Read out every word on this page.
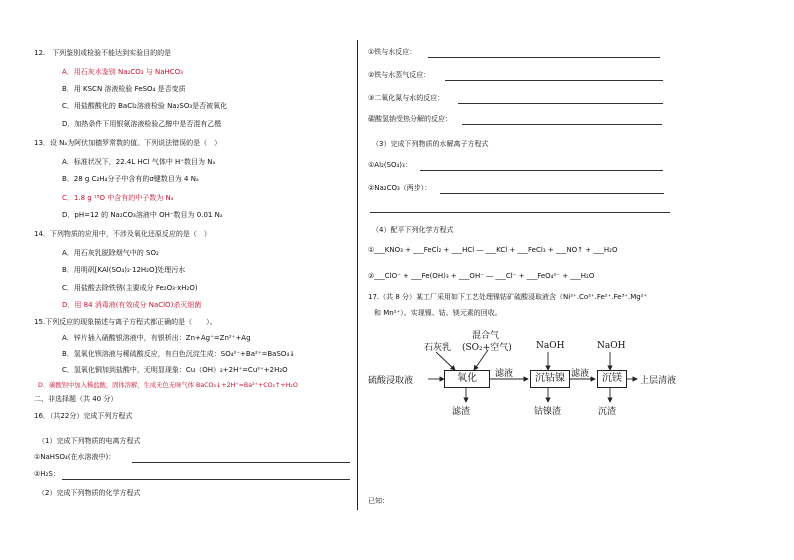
12.　下列鉴别或检验不能达到实验目的的是
A．用石灰水鉴别 Na₂CO₃ 与 NaHCO₃
B．用 KSCN 溶液检验 FeSO₄ 是否变质
C．用盐酸酸化的 BaCl₂溶液检验 Na₂SO₃是否被氧化
D．加热条件下用银氨溶液检验乙醇中是否混有乙醛
13．设 Nₐ为阿伏加德罗常数的值。下列说法错误的是（　）
A．标准状况下，22.4L HCl 气体中 H⁺数目为 Nₐ
B．28 g C₂H₄分子中含有的σ键数目为 4 Nₐ
C．1.8 g ¹⁸O 中含有的中子数为 Nₐ
D．pH=12 的 Na₂CO₃溶液中 OH⁻数目为 0.01 Nₐ
14．下列物质的应用中，不涉及氧化还原反应的是（　）
A．用石灰乳脱除烟气中的 SO₂
B．用明矾[KAl(SO₄)₂·12H₂O]处理污水
C．用盐酸去除铁锈(主要成分 Fe₂O₃·xH₂O)
D．用 84 消毒液(有效成分 NaClO)杀灭细菌
15.下列反应的现象描述与离子方程式都正确的是（　　）。
A．锌片插入硝酸银溶液中，有银析出：Zn+Ag⁺=Zn²⁺+Ag
B．氢氧化钡溶液与稀硫酸反应，有白色沉淀生成：SO₄²⁻+Ba²⁺=BaSO₄↓
C．氢氧化铜加到盐酸中，无明显现象：Cu（OH）₂+2H⁺=Cu²⁺+2H₂O
D．碳酸钡中加入稀盐酸，固体溶解，生成无色无味气体 BaCO₃↓+2H⁺=Ba²⁺+CO₂↑+H₂O
二、非选择题（共 40 分）
16．（共22分）完成下列方程式
（1）完成下列物质的电离方程式
①NaHSO₄(在水溶液中)：
②H₂S：
（2）完成下列物质的化学方程式
①铁与水反应：
②铁与水蒸气反应：
③二氧化氮与水的反应：
碳酸氢钠受热分解的反应：
（3）完成下列物质的水解离子方程式
①Al₂(SO₄)₃：
②Na₂CO₃（两步）：
（4）配平下列化学方程式
①___KNO₃ + ___FeCl₂ + ___HCl ― ___KCl + ___FeCl₃ + ___NO↑ + ___H₂O
②___ClO⁻ + ___Fe(OH)₃ + ___OH⁻ ― ___Cl⁻ + ___FeO₄²⁻ + ___H₂O
17.（共 8 分）某工厂采用如下工艺处理镍钴矿硫酸浸取液含（Ni²⁺.Co²⁺.Fe²⁺.Fe³⁺.Mg²⁺
和 Mn²⁺）。实现镍、钴、镁元素的回收。
硫酸浸取液	氧化	沉钴镍	沉镁	上层清液
石灰乳
混合气
(SO₂+空气)	NaOH	NaOH
滤液	滤液
滤渣	钴镍渣	沉渣
已知：
